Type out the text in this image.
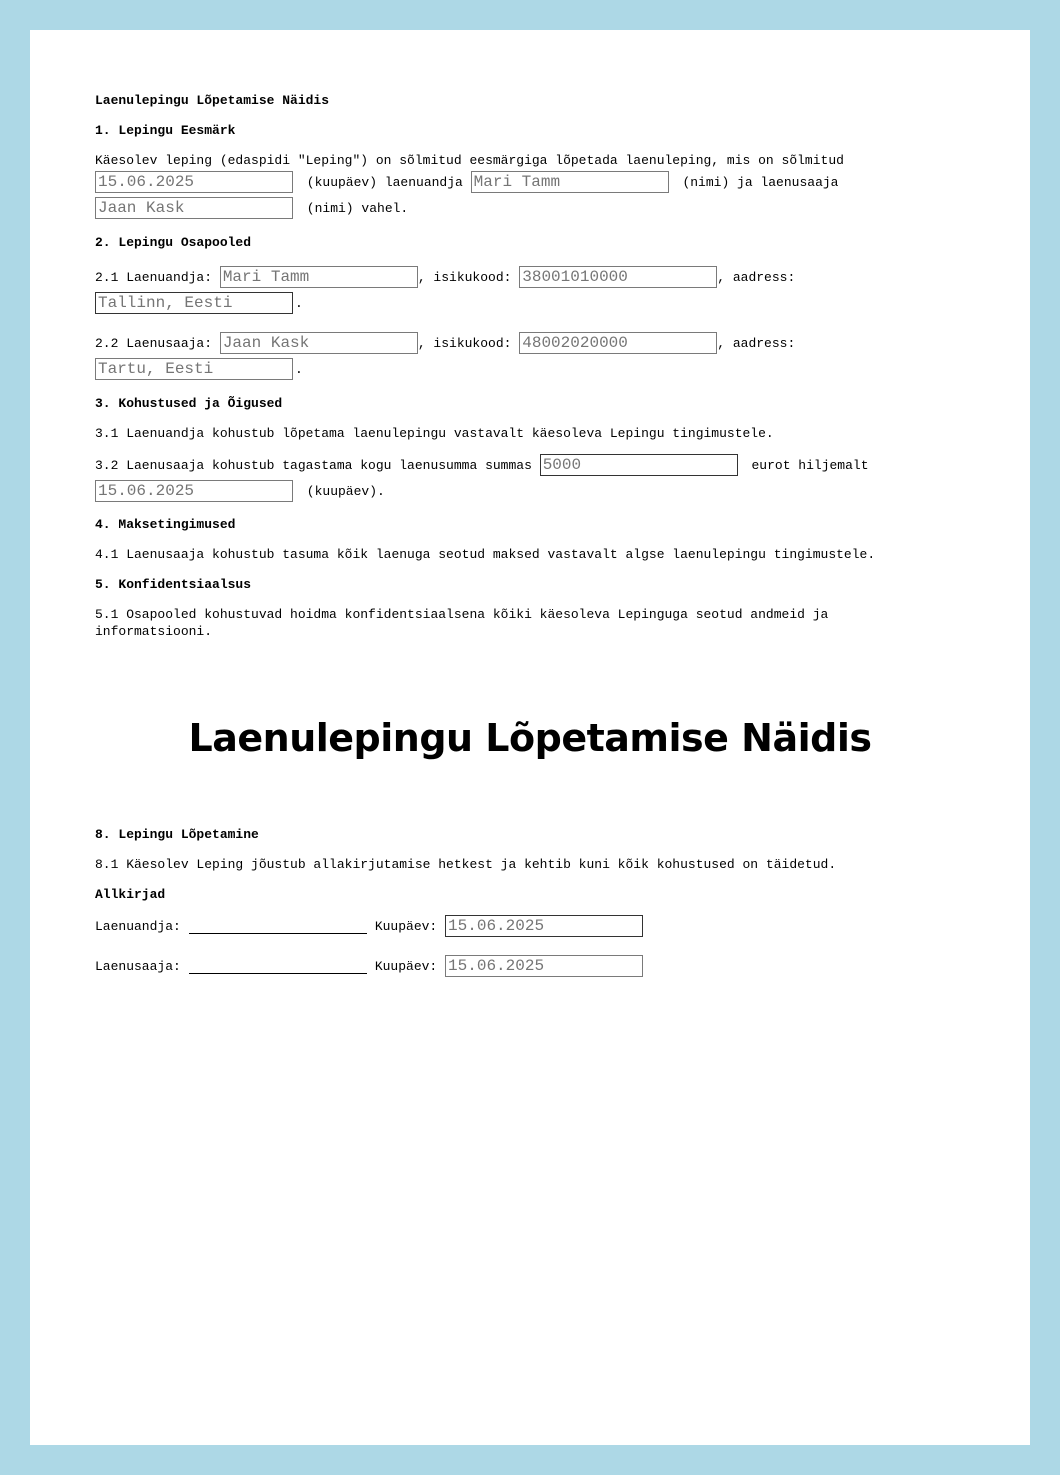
Laenulepingu Lõpetamise Näidis
1. Lepingu Eesmärk
Käesolev leping (edaspidi "Leping") on sõlmitud eesmärgiga lõpetada laenuleping, mis on sõlmitud
15.06.2025
(kuupäev) laenuandja
Mari Tamm	(nimi) ja laenusaaja
Jaan Kask
(nimi) vahel.
2. Lepingu Osapooled
2.1 Laenuandja:
Mari Tamm	, isikukood:
38001010000	, aadress:
Tallinn, Eesti
.
2.2 Laenusaaja:
Jaan Kask	, isikukood:
48002020000	, aadress:
Tartu, Eesti
.
3. Kohustused ja Õigused
3.1 Laenuandja kohustub lõpetama laenulepingu vastavalt käesoleva Lepingu tingimustele.
3.2 Laenusaaja kohustub tagastama kogu laenusumma summas
5000	eurot hiljemalt
15.06.2025
(kuupäev).
4. Maksetingimused
4.1 Laenusaaja kohustub tasuma kõik laenuga seotud maksed vastavalt algse laenulepingu tingimustele.
5. Konfidentsiaalsus
5.1 Osapooled kohustuvad hoidma konfidentsiaalsena kõiki käesoleva Lepinguga seotud andmeid ja informatsiooni.
Laenulepingu Lõpetamise Näidis
8. Lepingu Lõpetamine
8.1 Käesolev Leping jõustub allakirjutamise hetkest ja kehtib kuni kõik kohustused on täidetud.
Allkirjad
Laenuandja:	Kuupäev:
15.06.2025
Laenusaaja:	Kuupäev:
15.06.2025
